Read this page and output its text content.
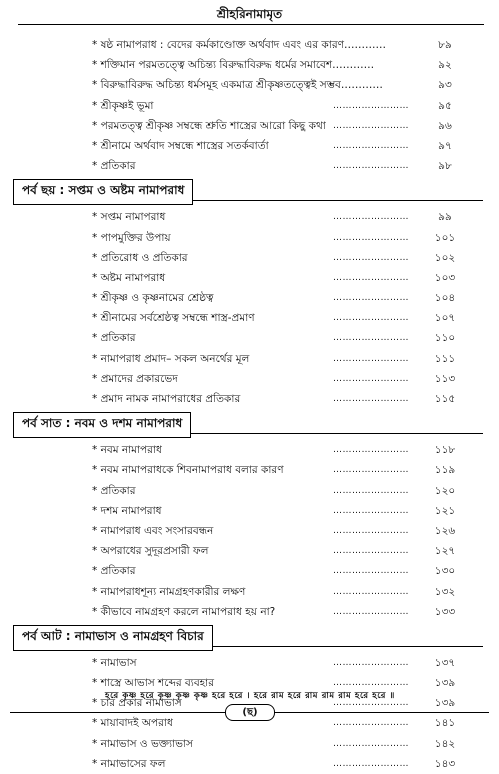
শ্রীহরিনামামৃত
* ষষ্ঠ নামাপরাধ : বেদের কর্মকাণ্ডোক্ত অর্থবাদ এবং এর কারণ…………	৮৯
* শক্তিমান পরমতত্ত্বে অচিন্ত্য বিরুদ্ধাবিরুদ্ধ ধর্মের সমাবেশ…………	৯২
* বিরুদ্ধাবিরুদ্ধ অচিন্ত্য ধর্মসমূহ একমাত্র শ্রীকৃষ্ণতত্ত্বেই সম্ভব…………	৯৩
* শ্রীকৃষ্ণই ভূমা	……………………	৯৫
* পরমতত্ত্ব শ্রীকৃষ্ণ সম্বন্ধে শ্রুতি শাস্ত্রের আরো কিছু কথা ……………………	৯৬
* শ্রীনামে অর্থবাদ সম্বন্ধে শাস্ত্রের সতর্কবার্তা	……………………	৯৭
* প্রতিকার	……………………	৯৮
পর্ব ছয় : সপ্তম ও অষ্টম নামাপরাধ
* সপ্তম নামাপরাধ	……………………	৯৯
* পাপমুক্তির উপায়	……………………	১০১
* প্রতিরোধ ও প্রতিকার	……………………	১০২
* অষ্টম নামাপরাধ	……………………	১০৩
* শ্রীকৃষ্ণ ও কৃষ্ণনামের শ্রেষ্ঠত্ব	……………………	১০৪
* শ্রীনামের সর্বশ্রেষ্ঠত্ব সম্বন্ধে শাস্ত্র-প্রমাণ	……………………	১০৭
* প্রতিকার	……………………	১১০
* নামাপরাধ প্রমাদ– সকল অনর্থের মূল	……………………	১১১
* প্রমাদের প্রকারভেদ	……………………	১১৩
* প্রমাদ নামক নামাপরাধের প্রতিকার	……………………	১১৫
পর্ব সাত : নবম ও দশম নামাপরাধ
* নবম নামাপরাধ	……………………	১১৮
* নবম নামাপরাধকে শিবনামাপরাধ বলার কারণ	……………………	১১৯
* প্রতিকার	……………………	১২০
* দশম নামাপরাধ	……………………	১২১
* নামাপরাধ এবং সংসারবন্ধন	……………………	১২৬
* অপরাধের সুদূরপ্রসারী ফল	……………………	১২৭
* প্রতিকার	……………………	১৩০
* নামাপরাধশূন্য নামগ্রহণকারীর লক্ষণ	……………………	১৩২
* কীভাবে নামগ্রহণ করলে নামাপরাধ হয় না?	……………………	১৩৩
পর্ব আট : নামাভাস ও নামগ্রহণ বিচার
* নামাভাস	……………………	১৩৭
* শাস্ত্রে আভাস শব্দের ব্যবহার	……………………	১৩৯
* চার প্রকার নামাভাস	……………………	১৩৯
* মায়াবাদই অপরাধ	……………………	১৪১
* নামাভাস ও ভক্ত্যাভাস	……………………	১৪২
* নামাভাসের ফল	……………………	১৪৩
হরে কৃষ্ণ হরে কৃষ্ণ কৃষ্ণ কৃষ্ণ হরে হরে । হরে রাম হরে রাম রাম রাম হরে হরে ॥
(ছ)
